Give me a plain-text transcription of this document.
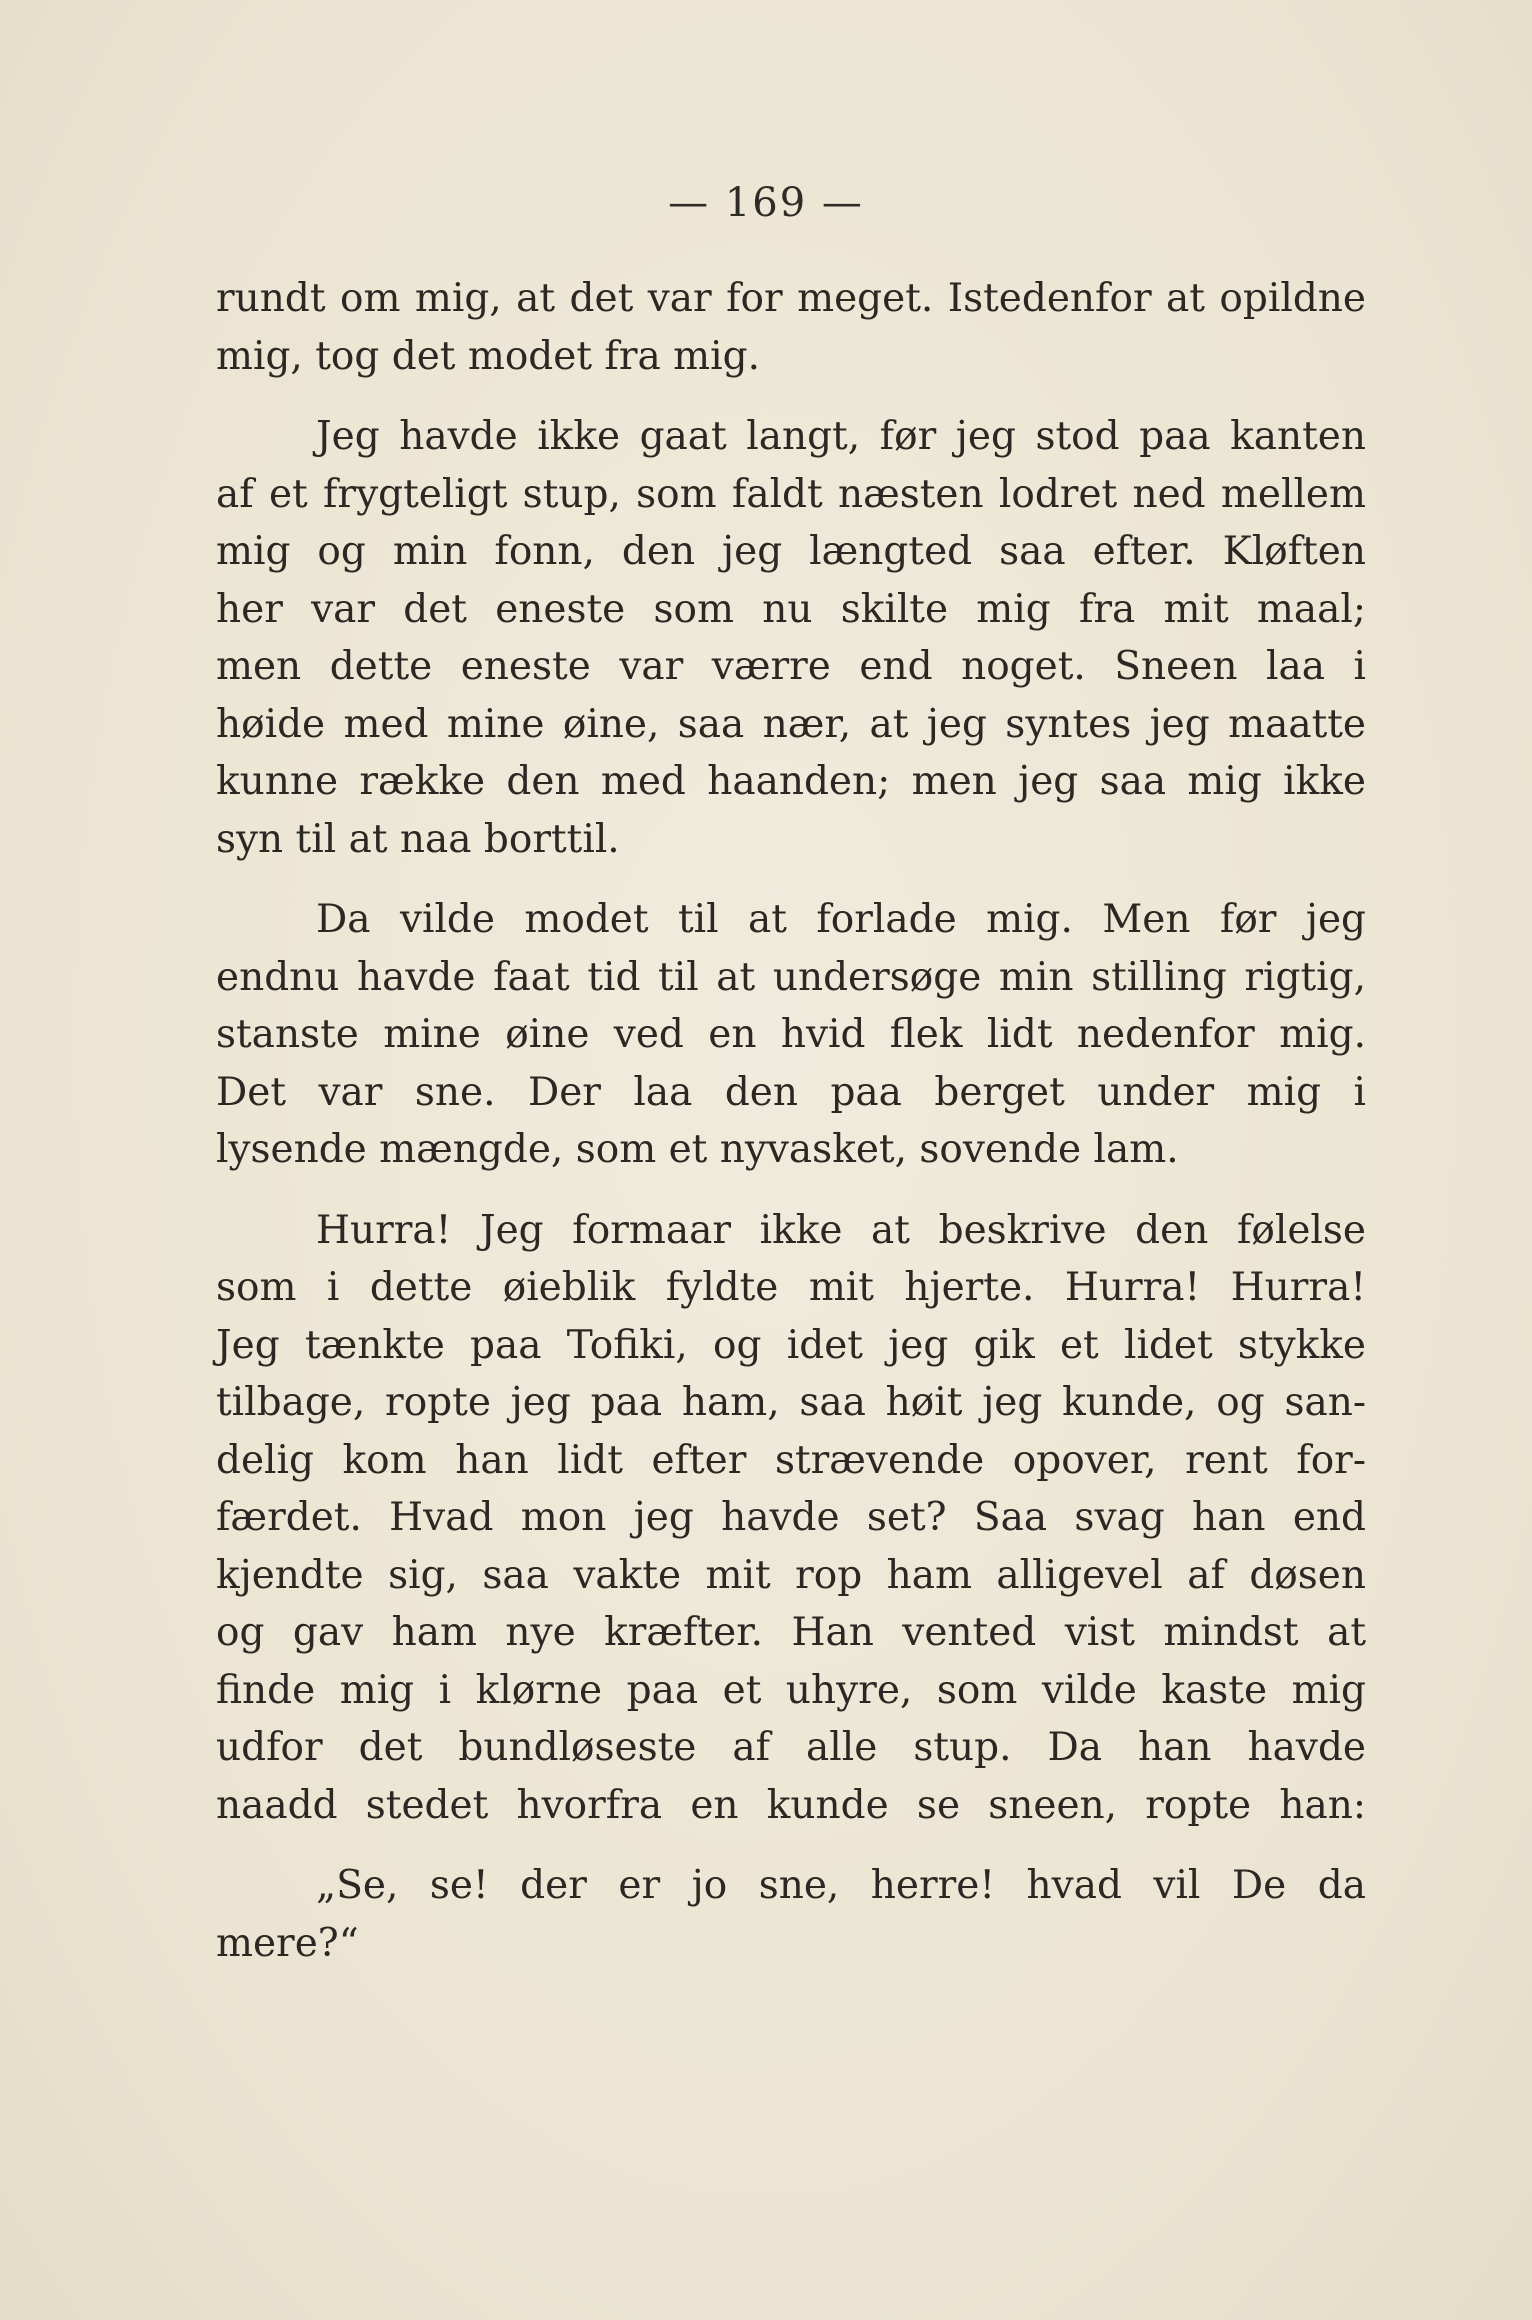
— 169 —
rundt om mig, at det var for meget. Istedenfor at opildne
mig, tog det modet fra mig.
Jeg havde ikke gaat langt, før jeg stod paa kanten
af et frygteligt stup, som faldt næsten lodret ned mellem
mig og min fonn, den jeg længted saa efter. Kløften
her var det eneste som nu skilte mig fra mit maal;
men dette eneste var værre end noget. Sneen laa i
høide med mine øine, saa nær, at jeg syntes jeg maatte
kunne række den med haanden; men jeg saa mig ikke
syn til at naa borttil.
Da vilde modet til at forlade mig. Men før jeg
endnu havde faat tid til at undersøge min stilling rigtig,
stanste mine øine ved en hvid flek lidt nedenfor mig.
Det var sne. Der laa den paa berget under mig i
lysende mængde, som et nyvasket, sovende lam.
Hurra! Jeg formaar ikke at beskrive den følelse
som i dette øieblik fyldte mit hjerte. Hurra! Hurra!
Jeg tænkte paa Tofiki, og idet jeg gik et lidet stykke
tilbage, ropte jeg paa ham, saa høit jeg kunde, og san-
delig kom han lidt efter strævende opover, rent for-
færdet. Hvad mon jeg havde set? Saa svag han end
kjendte sig, saa vakte mit rop ham alligevel af døsen
og gav ham nye kræfter. Han vented vist mindst at
finde mig i klørne paa et uhyre, som vilde kaste mig
udfor det bundløseste af alle stup. Da han havde
naadd stedet hvorfra en kunde se sneen, ropte han:
„Se, se! der er jo sne, herre! hvad vil De da
mere?“
